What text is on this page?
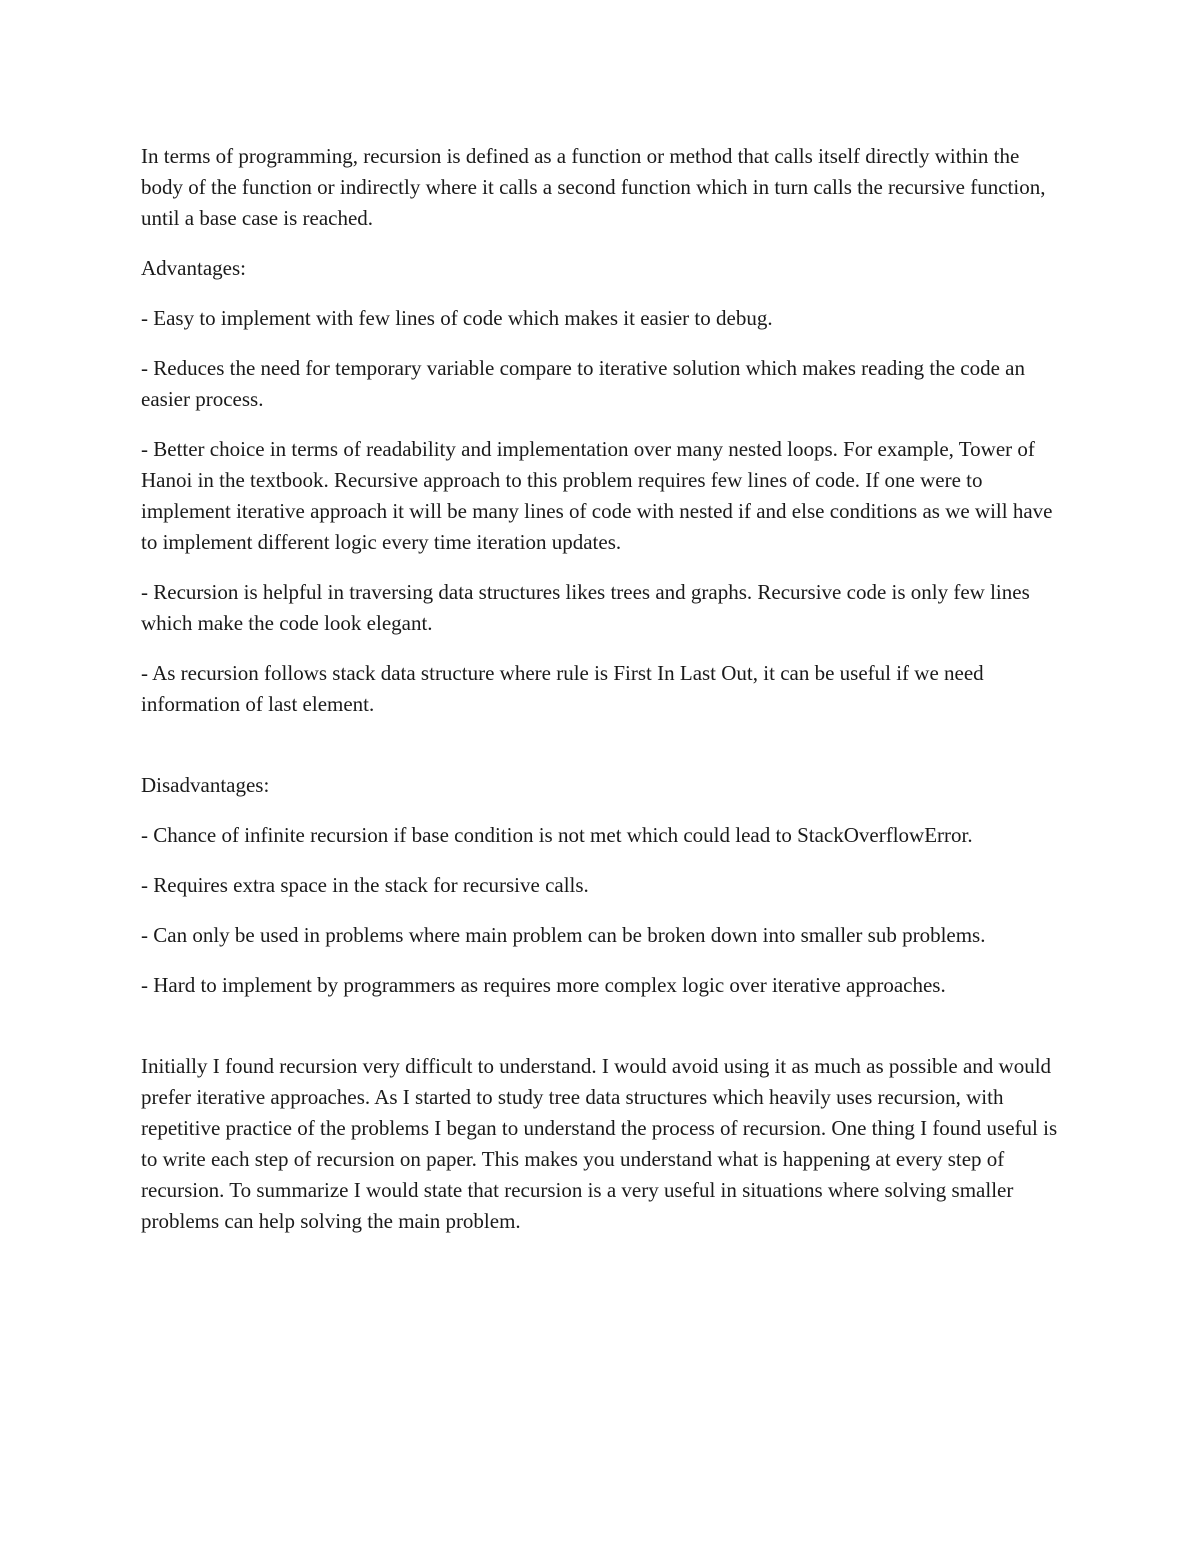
In terms of programming, recursion is defined as a function or method that calls itself directly within the body of the function or indirectly where it calls a second function which in turn calls the recursive function, until a base case is reached.

Advantages:

- Easy to implement with few lines of code which makes it easier to debug.

- Reduces the need for temporary variable compare to iterative solution which makes reading the code an easier process.

- Better choice in terms of readability and implementation over many nested loops. For example, Tower of Hanoi in the textbook. Recursive approach to this problem requires few lines of code. If one were to implement iterative approach it will be many lines of code with nested if and else conditions as we will have to implement different logic every time iteration updates.

- Recursion is helpful in traversing data structures likes trees and graphs. Recursive code is only few lines which make the code look elegant.

- As recursion follows stack data structure where rule is First In Last Out, it can be useful if we need information of last element.

Disadvantages:

- Chance of infinite recursion if base condition is not met which could lead to StackOverflowError.

- Requires extra space in the stack for recursive calls.

- Can only be used in problems where main problem can be broken down into smaller sub problems.

- Hard to implement by programmers as requires more complex logic over iterative approaches.

Initially I found recursion very difficult to understand. I would avoid using it as much as possible and would prefer iterative approaches. As I started to study tree data structures which heavily uses recursion, with repetitive practice of the problems I began to understand the process of recursion. One thing I found useful is to write each step of recursion on paper. This makes you understand what is happening at every step of recursion. To summarize I would state that recursion is a very useful in situations where solving smaller problems can help solving the main problem.
